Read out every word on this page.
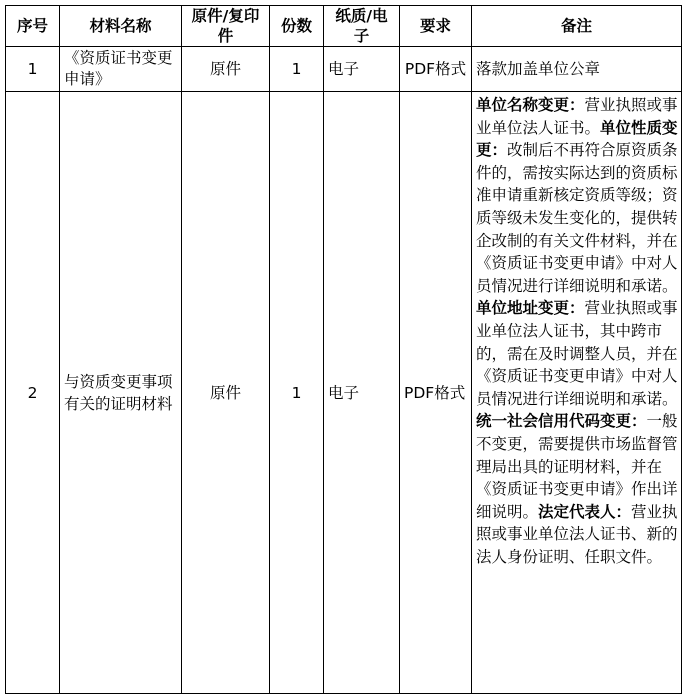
序号	材料名称	原件/复印件	份数	纸质/电子	要求	备注
1	《资质证书变更申请》	原件	1	电子	PDF格式	落款加盖单位公章
2	与资质变更事项有关的证明材料	原件	1	电子	PDF格式	单位名称变更：营业执照或事业单位法人证书。单位性质变更：改制后不再符合原资质条件的，需按实际达到的资质标准申请重新核定资质等级；资质等级未发生变化的，提供转企改制的有关文件材料，并在《资质证书变更申请》中对人员情况进行详细说明和承诺。单位地址变更：营业执照或事业单位法人证书，其中跨市的，需在及时调整人员，并在《资质证书变更申请》中对人员情况进行详细说明和承诺。统一社会信用代码变更：一般不变更，需要提供市场监督管理局出具的证明材料，并在《资质证书变更申请》作出详细说明。法定代表人：营业执照或事业单位法人证书、新的法人身份证明、任职文件。
